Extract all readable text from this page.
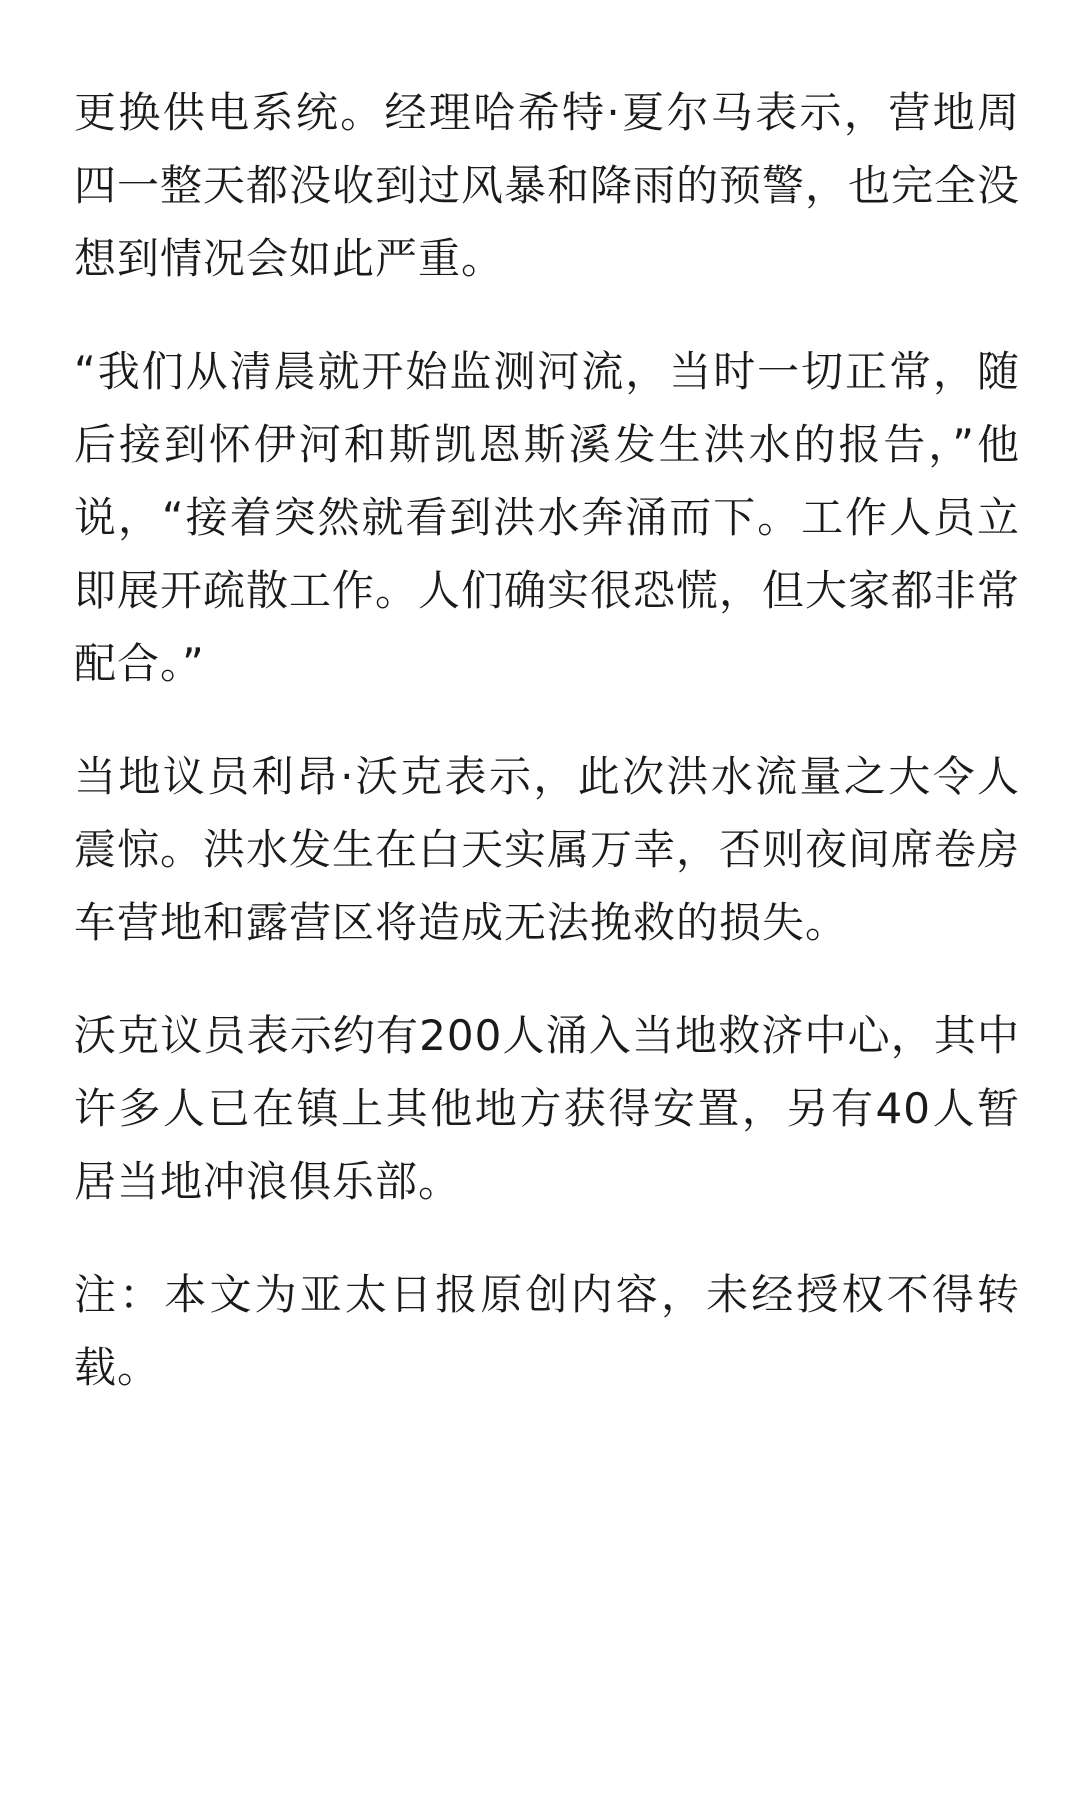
更换供电系统。经理哈希特·夏尔马表示，营地周四一整天都没收到过风暴和降雨的预警，也完全没想到情况会如此严重。

“我们从清晨就开始监测河流，当时一切正常，随后接到怀伊河和斯凯恩斯溪发生洪水的报告，”他说，“接着突然就看到洪水奔涌而下。工作人员立即展开疏散工作。人们确实很恐慌，但大家都非常配合。”

当地议员利昂·沃克表示，此次洪水流量之大令人震惊。洪水发生在白天实属万幸，否则夜间席卷房车营地和露营区将造成无法挽救的损失。

沃克议员表示约有200人涌入当地救济中心，其中许多人已在镇上其他地方获得安置，另有40人暂居当地冲浪俱乐部。

注：本文为亚太日报原创内容，未经授权不得转载。
